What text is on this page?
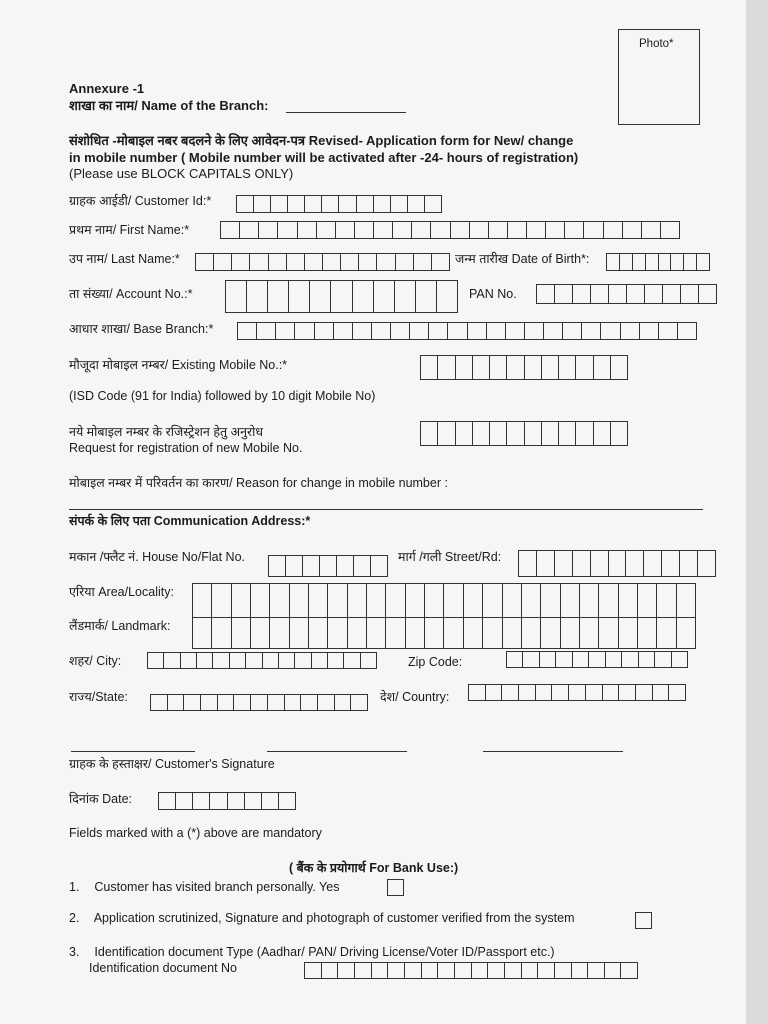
Photo*
Annexure -1
शाखा का नाम/ Name of the Branch:
संशोधित -मोबाइल नबर बदलने के लिए आवेदन-पत्र Revised- Application form for New/ change
in mobile number ( Mobile number will be activated after -24- hours of registration)
(Please use BLOCK CAPITALS ONLY)
ग्राहक आईडी/ Customer Id:*
प्रथम नाम/ First Name:*
उप नाम/ Last Name:*	जन्म तारीख Date of Birth*:
ता संख्या/ Account No.:*	PAN No.
आधार शाखा/ Base Branch:*
मौजूदा मोबाइल नम्बर/ Existing Mobile No.:*
(ISD Code (91 for India) followed by 10 digit Mobile No)
नये मोबाइल नम्बर के रजिस्ट्रेशन हेतु अनुरोध
Request for registration of new Mobile No.
मोबाइल नम्बर में परिवर्तन का कारण/ Reason for change in mobile number :
संपर्क के लिए पता Communication Address:*
मकान /फ्लैट नं. House No/Flat No.	मार्ग /गली Street/Rd:
एरिया Area/Locality:
लैंडमार्क/ Landmark:
शहर/ City:	Zip Code:
राज्य/State:	देश/ Country:
ग्राहक के हस्ताक्षर/ Customer's Signature
दिनांक Date:
Fields marked with a (*) above are mandatory
( बैंक के प्रयोगार्थ For Bank Use:)
1. Customer has visited branch personally. Yes
2. Application scrutinized, Signature and photograph of customer verified from the system
3. Identification document Type (Aadhar/ PAN/ Driving License/Voter ID/Passport etc.)
Identification document No
